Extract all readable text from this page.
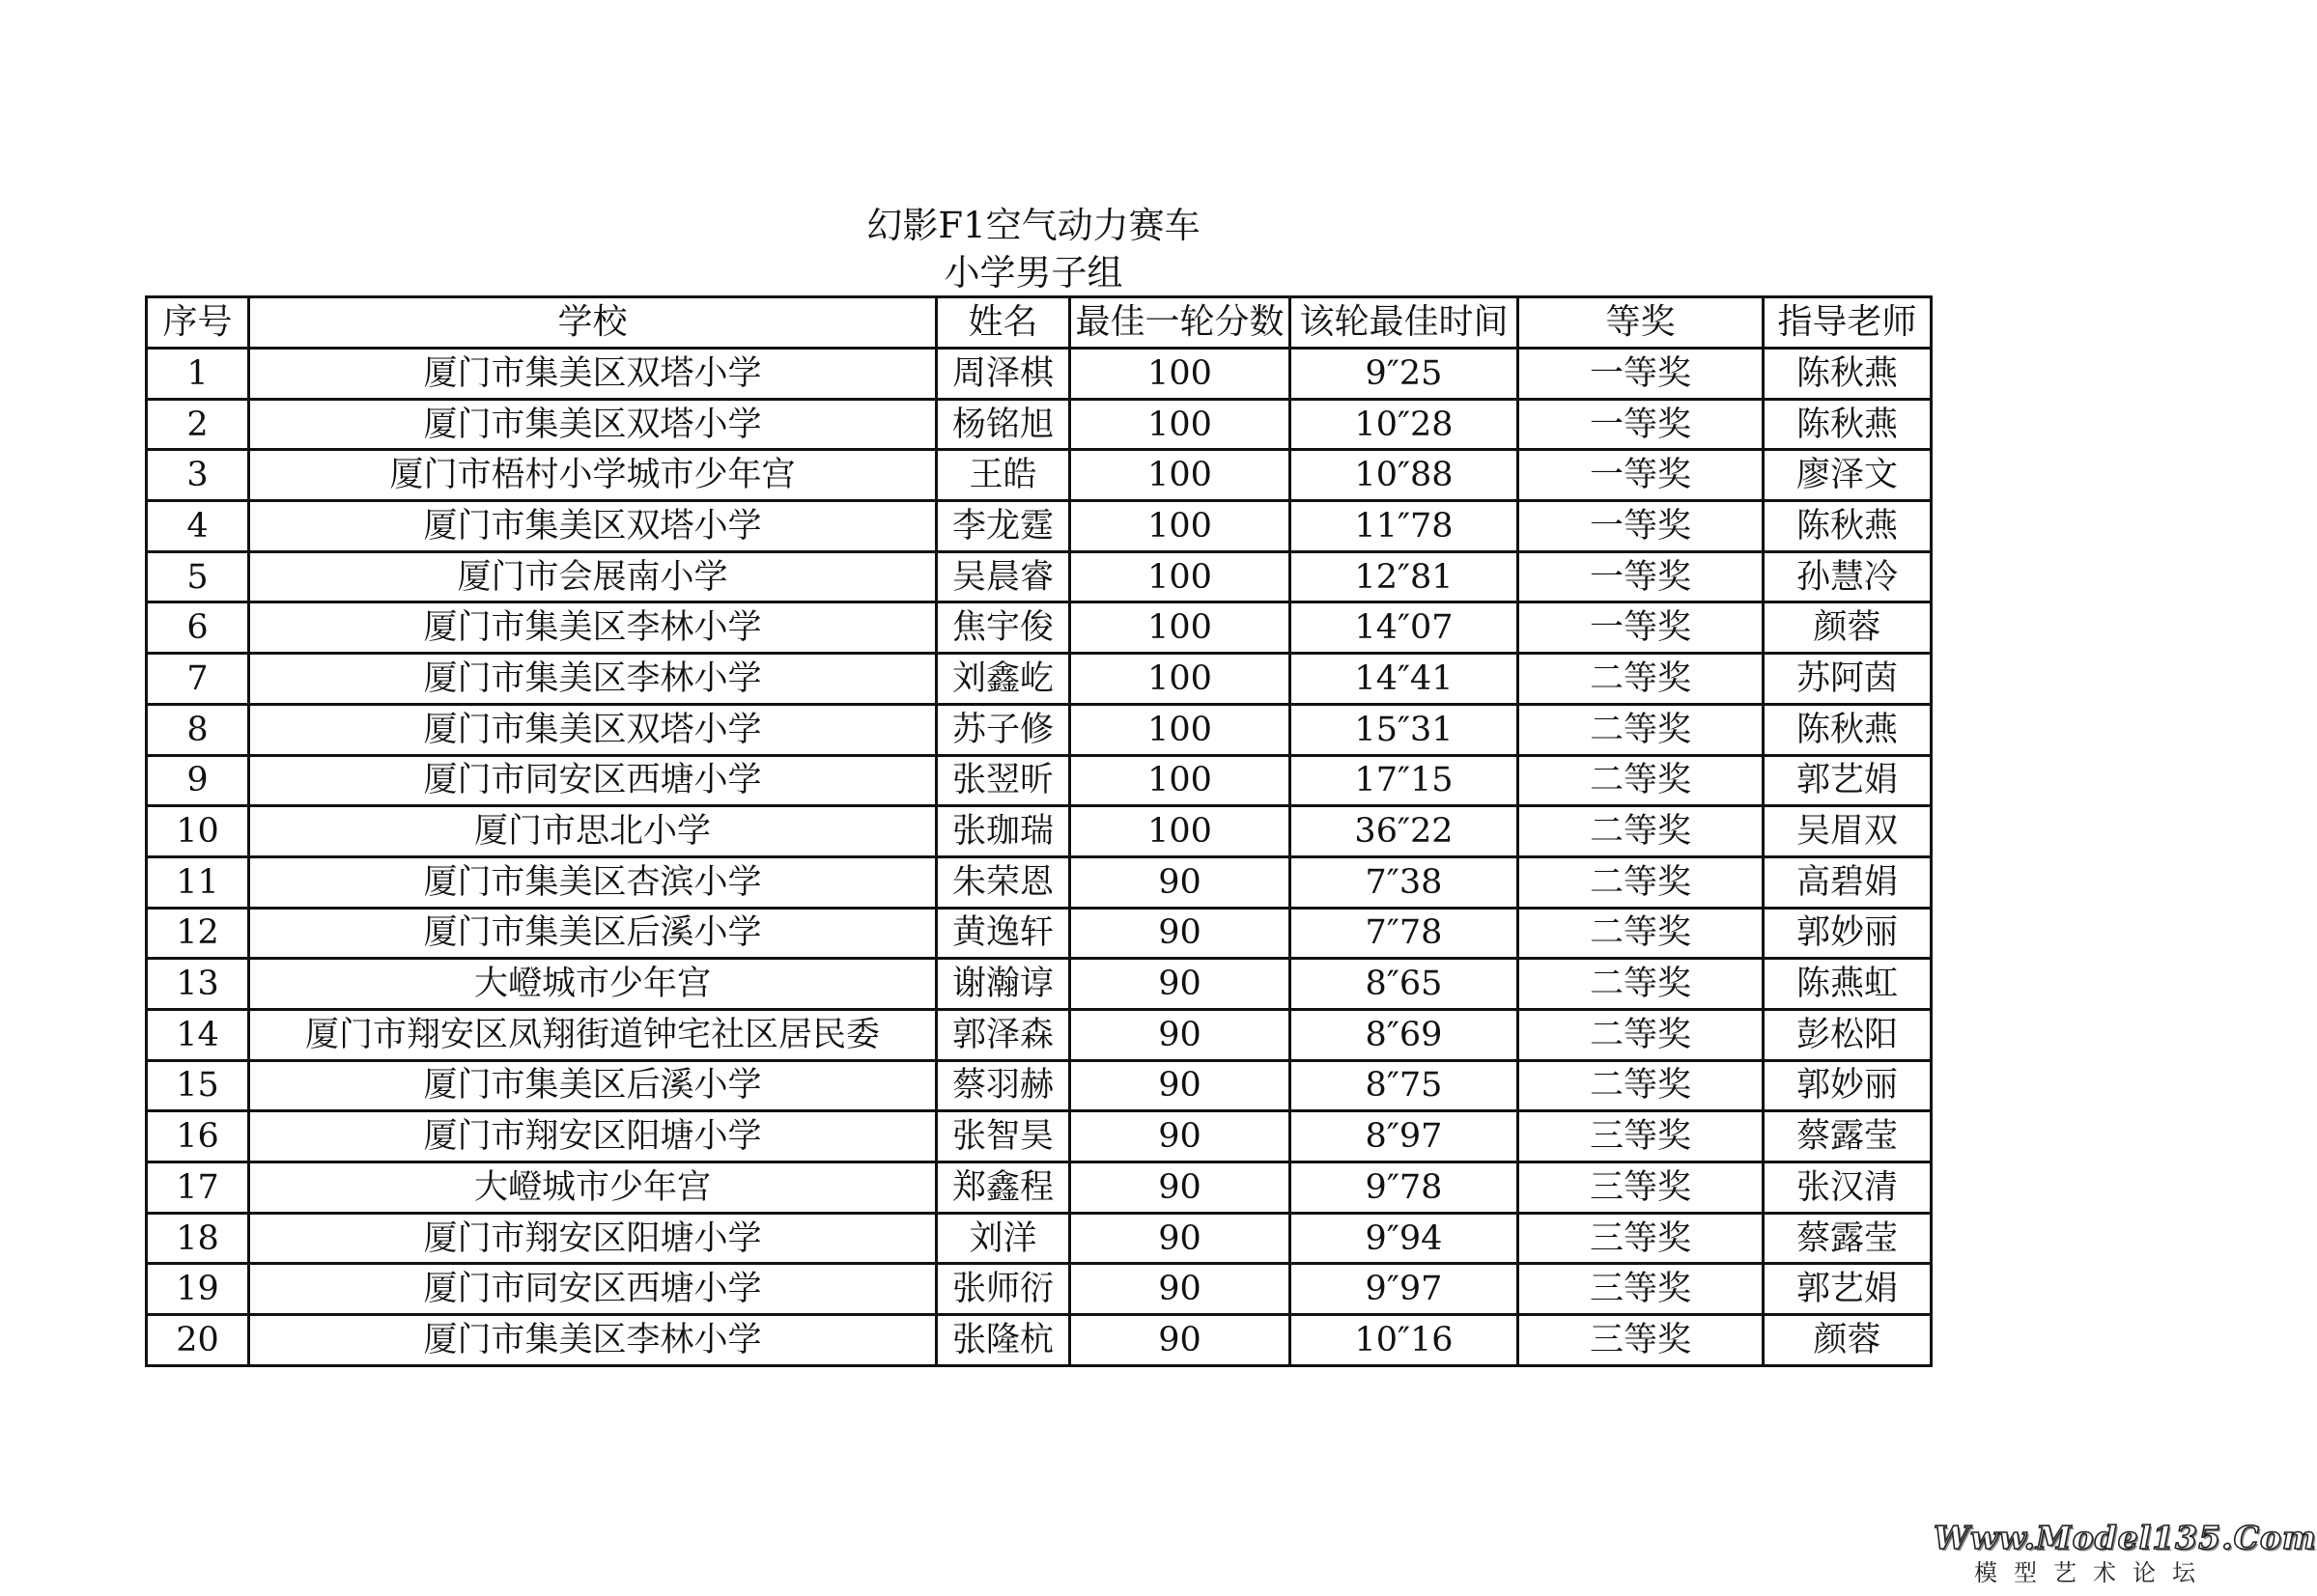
幻影F1空气动力赛车
小学男子组
序号	学校	姓名	最佳一轮分数	该轮最佳时间	等奖	指导老师
1	厦门市集美区双塔小学	周泽棋	100	9″25	一等奖	陈秋燕
2	厦门市集美区双塔小学	杨铭旭	100	10″28	一等奖	陈秋燕
3	厦门市梧村小学城市少年宫	王皓	100	10″88	一等奖	廖泽文
4	厦门市集美区双塔小学	李龙霆	100	11″78	一等奖	陈秋燕
5	厦门市会展南小学	吴晨睿	100	12″81	一等奖	孙慧冷
6	厦门市集美区李林小学	焦宇俊	100	14″07	一等奖	颜蓉
7	厦门市集美区李林小学	刘鑫屹	100	14″41	二等奖	苏阿茵
8	厦门市集美区双塔小学	苏子修	100	15″31	二等奖	陈秋燕
9	厦门市同安区西塘小学	张翌昕	100	17″15	二等奖	郭艺娟
10	厦门市思北小学	张珈瑞	100	36″22	二等奖	吴眉双
11	厦门市集美区杏滨小学	朱荣恩	90	7″38	二等奖	高碧娟
12	厦门市集美区后溪小学	黄逸轩	90	7″78	二等奖	郭妙丽
13	大嶝城市少年宫	谢瀚谆	90	8″65	二等奖	陈燕虹
14	厦门市翔安区凤翔街道钟宅社区居民委	郭泽森	90	8″69	二等奖	彭松阳
15	厦门市集美区后溪小学	蔡羽赫	90	8″75	二等奖	郭妙丽
16	厦门市翔安区阳塘小学	张智昊	90	8″97	三等奖	蔡露莹
17	大嶝城市少年宫	郑鑫程	90	9″78	三等奖	张汉清
18	厦门市翔安区阳塘小学	刘洋	90	9″94	三等奖	蔡露莹
19	厦门市同安区西塘小学	张师衍	90	9″97	三等奖	郭艺娟
20	厦门市集美区李林小学	张隆杭	90	10″16	三等奖	颜蓉
Www.Model135.Com
模型艺术论坛
